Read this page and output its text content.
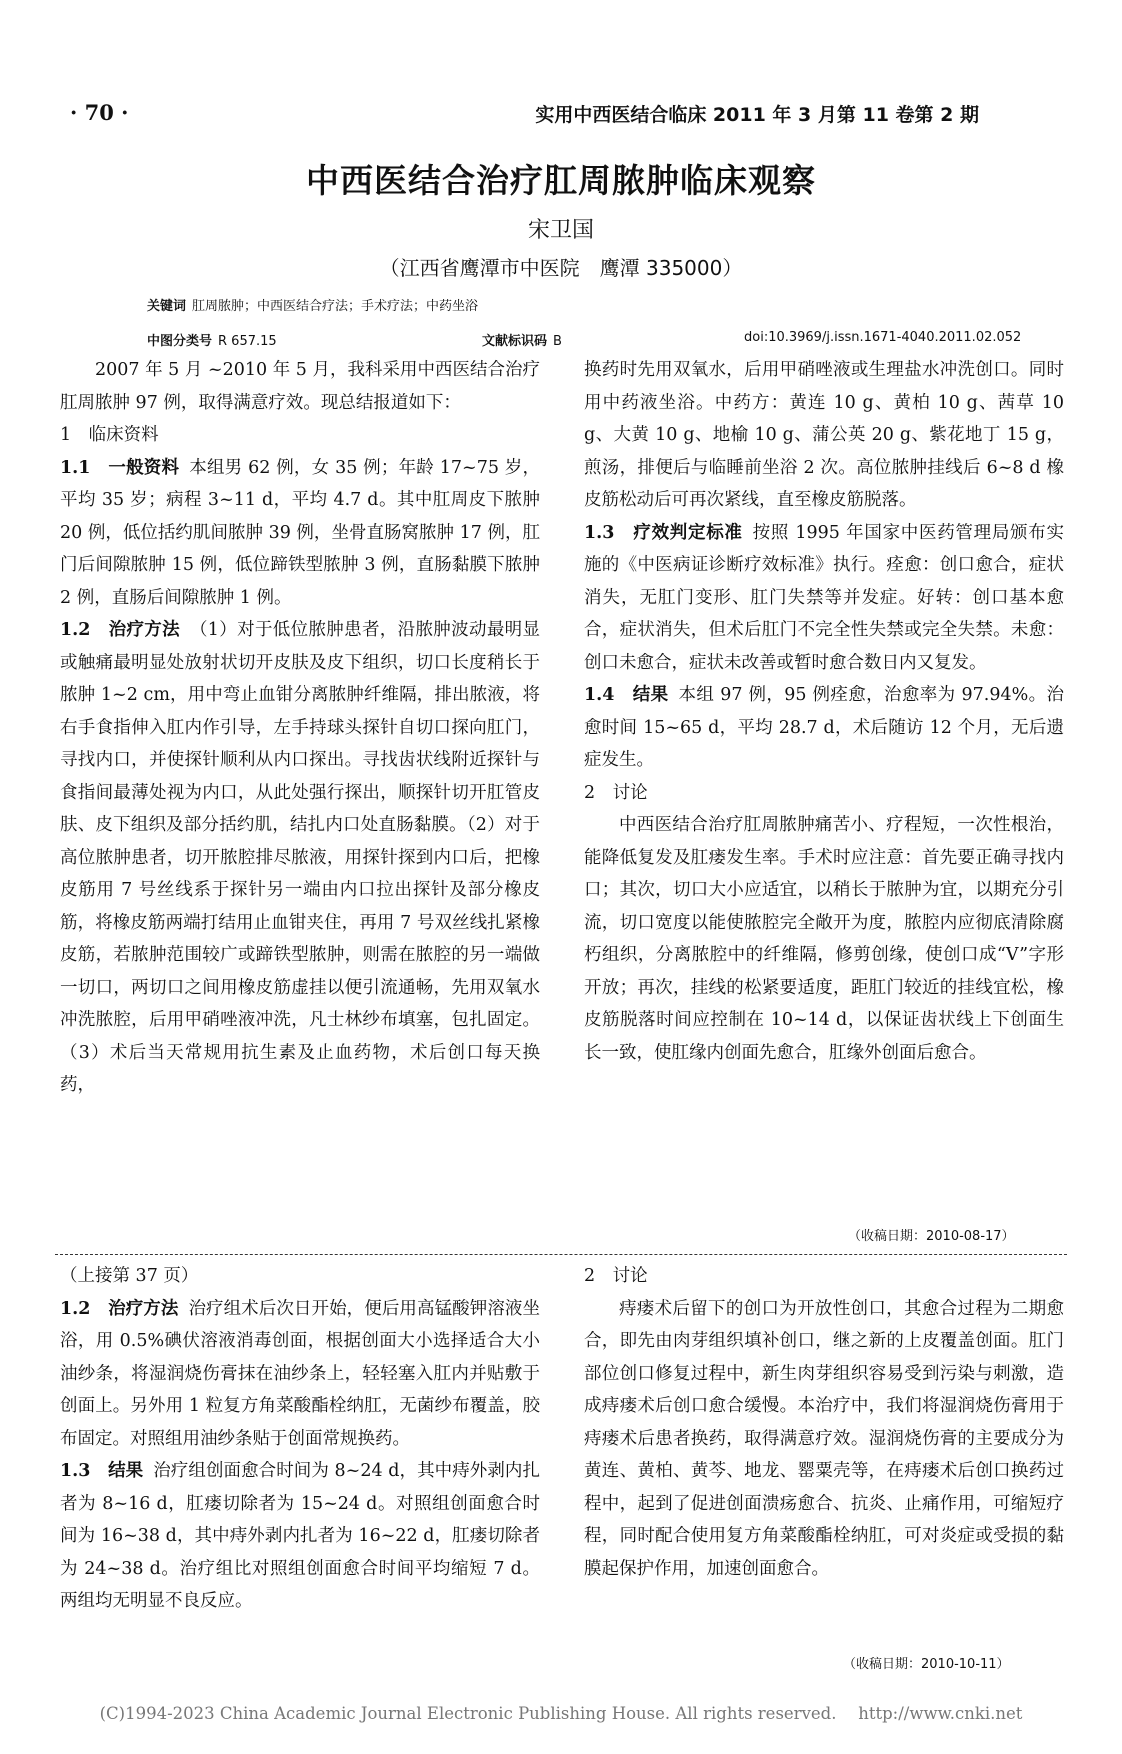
· 70 ·	实用中西医结合临床 2011 年 3 月第 11 卷第 2 期
中西医结合治疗肛周脓肿临床观察
宋卫国
（江西省鹰潭市中医院　鹰潭 335000）
关键词 肛周脓肿；中西医结合疗法；手术疗法；中药坐浴
中图分类号 R 657.15	文献标识码 B	doi:10.3969/j.issn.1671-4040.2011.02.052

2007 年 5 月 ~2010 年 5 月，我科采用中西医结合治疗肛周脓肿 97 例，取得满意疗效。现总结报道如下：

1　临床资料

1.1　一般资料 本组男 62 例，女 35 例；年龄 17~75 岁，平均 35 岁；病程 3~11 d，平均 4.7 d。其中肛周皮下脓肿 20 例，低位括约肌间脓肿 39 例，坐骨直肠窝脓肿 17 例，肛门后间隙脓肿 15 例，低位蹄铁型脓肿 3 例，直肠黏膜下脓肿 2 例，直肠后间隙脓肿 1 例。

1.2　治疗方法 （1）对于低位脓肿患者，沿脓肿波动最明显或触痛最明显处放射状切开皮肤及皮下组织，切口长度稍长于脓肿 1~2 cm，用中弯止血钳分离脓肿纤维隔，排出脓液，将右手食指伸入肛内作引导，左手持球头探针自切口探向肛门，寻找内口，并使探针顺利从内口探出。寻找齿状线附近探针与食指间最薄处视为内口，从此处强行探出，顺探针切开肛管皮肤、皮下组织及部分括约肌，结扎内口处直肠黏膜。（2）对于高位脓肿患者，切开脓腔排尽脓液，用探针探到内口后，把橡皮筋用 7 号丝线系于探针另一端由内口拉出探针及部分橡皮筋，将橡皮筋两端打结用止血钳夹住，再用 7 号双丝线扎紧橡皮筋，若脓肿范围较广或蹄铁型脓肿，则需在脓腔的另一端做一切口，两切口之间用橡皮筋虚挂以便引流通畅，先用双氧水冲洗脓腔，后用甲硝唑液冲洗，凡士林纱布填塞，包扎固定。（3）术后当天常规用抗生素及止血药物，术后创口每天换药，

换药时先用双氧水，后用甲硝唑液或生理盐水冲洗创口。同时用中药液坐浴。中药方：黄连 10 g、黄柏 10 g、茜草 10 g、大黄 10 g、地榆 10 g、蒲公英 20 g、紫花地丁 15 g，煎汤，排便后与临睡前坐浴 2 次。高位脓肿挂线后 6~8 d 橡皮筋松动后可再次紧线，直至橡皮筋脱落。

1.3　疗效判定标准 按照 1995 年国家中医药管理局颁布实施的《中医病证诊断疗效标准》执行。痊愈：创口愈合，症状消失，无肛门变形、肛门失禁等并发症。好转：创口基本愈合，症状消失，但术后肛门不完全性失禁或完全失禁。未愈：创口未愈合，症状未改善或暂时愈合数日内又复发。

1.4　结果 本组 97 例，95 例痊愈，治愈率为 97.94%。治愈时间 15~65 d，平均 28.7 d，术后随访 12 个月，无后遗症发生。

2　讨论

中西医结合治疗肛周脓肿痛苦小、疗程短，一次性根治，能降低复发及肛瘘发生率。手术时应注意：首先要正确寻找内口；其次，切口大小应适宜，以稍长于脓肿为宜，以期充分引流，切口宽度以能使脓腔完全敞开为度，脓腔内应彻底清除腐朽组织，分离脓腔中的纤维隔，修剪创缘，使创口成“V”字形开放；再次，挂线的松紧要适度，距肛门较近的挂线宜松，橡皮筋脱落时间应控制在 10~14 d，以保证齿状线上下创面生长一致，使肛缘内创面先愈合，肛缘外创面后愈合。

（收稿日期：2010-08-17）

（上接第 37 页）

1.2　治疗方法 治疗组术后次日开始，便后用高锰酸钾溶液坐浴，用 0.5%碘伏溶液消毒创面，根据创面大小选择适合大小油纱条，将湿润烧伤膏抹在油纱条上，轻轻塞入肛内并贴敷于创面上。另外用 1 粒复方角菜酸酯栓纳肛，无菌纱布覆盖，胶布固定。对照组用油纱条贴于创面常规换药。

1.3　结果 治疗组创面愈合时间为 8~24 d，其中痔外剥内扎者为 8~16 d，肛瘘切除者为 15~24 d。对照组创面愈合时间为 16~38 d，其中痔外剥内扎者为 16~22 d，肛瘘切除者为 24~38 d。治疗组比对照组创面愈合时间平均缩短 7 d。两组均无明显不良反应。

2　讨论

痔瘘术后留下的创口为开放性创口，其愈合过程为二期愈合，即先由肉芽组织填补创口，继之新的上皮覆盖创面。肛门部位创口修复过程中，新生肉芽组织容易受到污染与刺激，造成痔瘘术后创口愈合缓慢。本治疗中，我们将湿润烧伤膏用于痔瘘术后患者换药，取得满意疗效。湿润烧伤膏的主要成分为黄连、黄柏、黄芩、地龙、罂粟壳等，在痔瘘术后创口换药过程中，起到了促进创面溃疡愈合、抗炎、止痛作用，可缩短疗程，同时配合使用复方角菜酸酯栓纳肛，可对炎症或受损的黏膜起保护作用，加速创面愈合。

（收稿日期：2010-10-11）
(C)1994-2023 China Academic Journal Electronic Publishing House. All rights reserved.　 http://www.cnki.net
